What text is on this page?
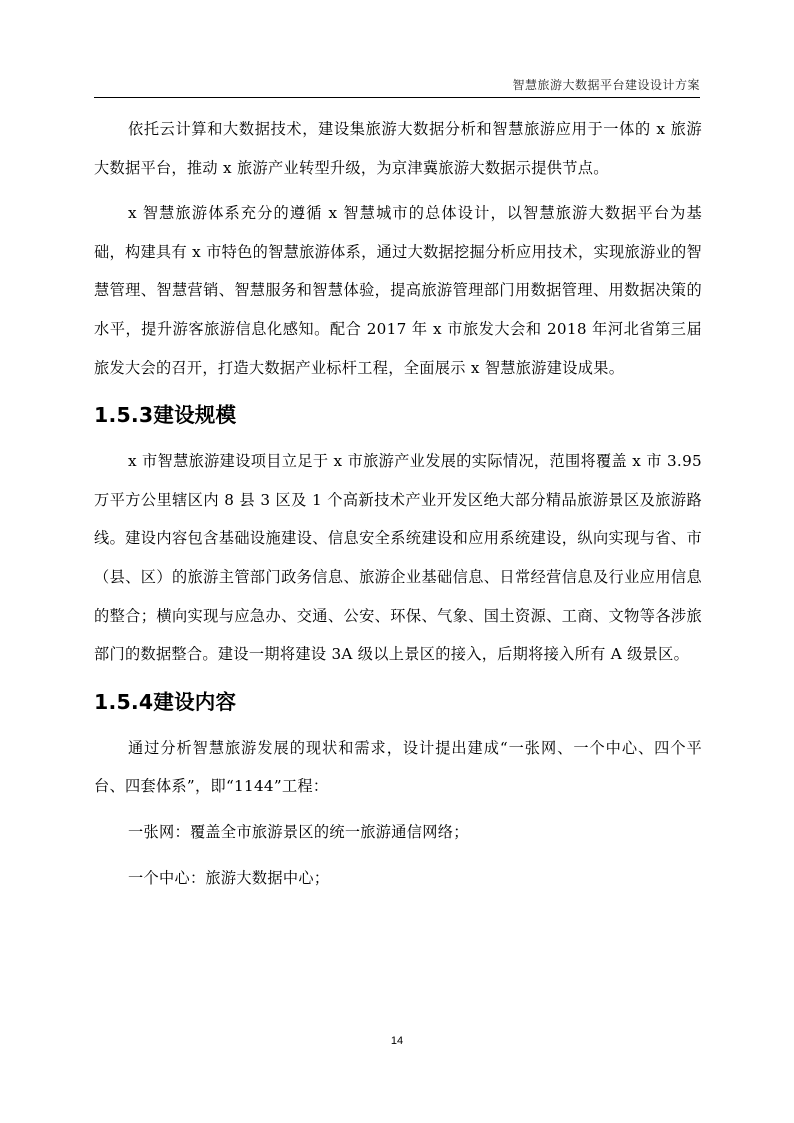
智慧旅游大数据平台建设设计方案

依托云计算和大数据技术，建设集旅游大数据分析和智慧旅游应用于一体的 x 旅游大数据平台，推动 x 旅游产业转型升级，为京津冀旅游大数据示提供节点。

x 智慧旅游体系充分的遵循 x 智慧城市的总体设计，以智慧旅游大数据平台为基础，构建具有 x 市特色的智慧旅游体系，通过大数据挖掘分析应用技术，实现旅游业的智慧管理、智慧营销、智慧服务和智慧体验，提高旅游管理部门用数据管理、用数据决策的水平，提升游客旅游信息化感知。配合 2017 年 x 市旅发大会和 2018 年河北省第三届旅发大会的召开，打造大数据产业标杆工程，全面展示 x 智慧旅游建设成果。

1.5.3建设规模

x 市智慧旅游建设项目立足于 x 市旅游产业发展的实际情况，范围将覆盖 x 市 3.95 万平方公里辖区内 8 县 3 区及 1 个高新技术产业开发区绝大部分精品旅游景区及旅游路线。建设内容包含基础设施建设、信息安全系统建设和应用系统建设，纵向实现与省、市（县、区）的旅游主管部门政务信息、旅游企业基础信息、日常经营信息及行业应用信息的整合；横向实现与应急办、交通、公安、环保、气象、国土资源、工商、文物等各涉旅部门的数据整合。建设一期将建设 3A 级以上景区的接入，后期将接入所有 A 级景区。

1.5.4建设内容

通过分析智慧旅游发展的现状和需求，设计提出建成“一张网、一个中心、四个平台、四套体系”，即“1144”工程：

一张网：覆盖全市旅游景区的统一旅游通信网络；

一个中心：旅游大数据中心；

14
